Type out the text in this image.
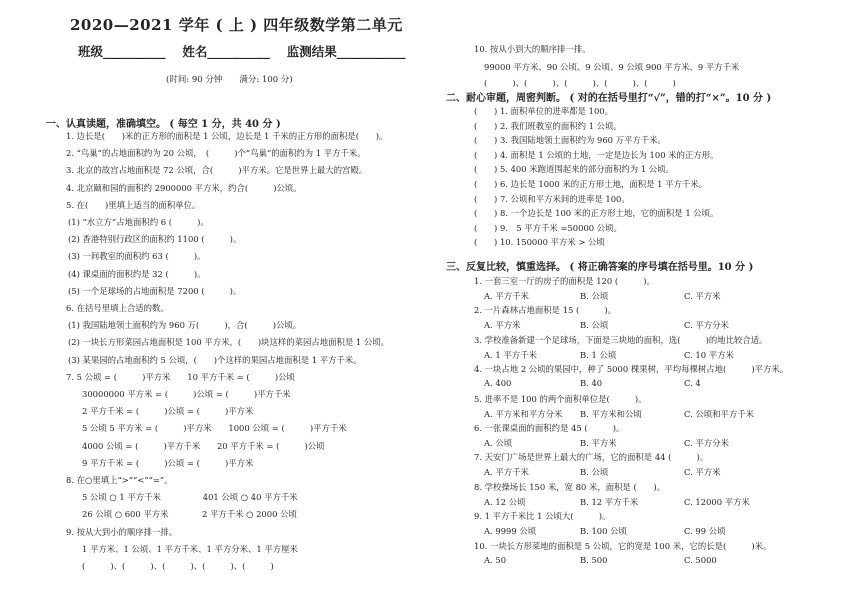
2020—2021 学年 ( 上 ) 四年级数学第二单元
班级__________　 姓名__________　 监测结果___________
(时间: 90 分钟　　满分: 100 分)
一、认真读题，准确填空。 ( 每空 1 分，共 40 分 )
二、耐心审题，周密判断。 ( 对的在括号里打“√”，错的打“×”。10 分 )
三、反复比较，慎重选择。 ( 将正确答案的序号填在括号里。10 分 )
1. 边长是(　　)米的正方形的面积是 1 公顷，边长是 1 千米的正方形的面积是(　　)。
2. “鸟巢”的占地面积约为 20 公顷，　(　　　)个“鸟巢”的面积约为 1 平方千米。
3. 北京的故宫占地面积是 72 公顷，合(　　　)平方米。它是世界上最大的宫殿。
4. 北京颐和园的面积约 2900000 平方米，约合(　　　)公顷。
5. 在(　　)里填上适当的面积单位。
(1) “水立方”占地面积约 6 (　　　)。
(2) 香港特别行政区的面积约 1100 (　　　)。
(3) 一间教室的面积约 63 (　　　)。
(4) 课桌面的面积约是 32 (　　　)。
(5) 一个足球场的占地面积是 7200 (　　　)。
6. 在括号里填上合适的数。
(1) 我国陆地领土面积约为 960 万(　　　)，合(　　　)公顷。
(2) 一块长方形菜园占地面积是 100 平方米，(　　)块这样的菜园占地面积是 1 公顷。
(3) 某果园的占地面积约 5 公顷，(　　)个这样的果园占地面积是 1 平方千米。
7. 5 公顷 = (　　　)平方米　　10 平方千米 = (　　　)公顷
30000000 平方米 = (　　　)公顷 = (　　　)平方千米
2 平方千米 = (　　　)公顷 = (　　　)平方米
5 公顷 5 平方米 = (　　　)平方米　　1000 公顷 = (　　　)平方千米
4000 公顷 = (　　　)平方千米　　20 平方千米 = (　　　)公顷
9 平方千米 = (　　　)公顷 = (　　　)平方米
8. 在○里填上“>”“<”“=”。
5 公顷 ○ 1 平方千米　　　　　401 公顷 ○ 40 平方千米
26 公顷 ○ 600 平方米　　　　2 平方千米 ○ 2000 公顷
9. 按从大到小的顺序排一排。
1 平方米、1 公顷、1 平方千米、1 平方分米、1 平方厘米
(　　　)、(　　　)、(　　　)、(　　　)、(　　　)
10. 按从小到大的顺序排一排。
99000 平方米、90 公顷、9 公顷、9 公顷 900 平方米、9 平方千米
(　　　)、(　　　)、(　　　)、(　　　)、(　　　)
(　　) 1. 面积单位的进率都是 100。
(　　) 2. 我们班教室的面积约 1 公顷。
(　　) 3. 我国陆地领土面积约为 960 万平方千米。
(　　) 4. 面积是 1 公顷的土地，一定是边长为 100 米的正方形。
(　　) 5. 400 米跑道围起来的部分面积约为 1 公顷。
(　　) 6. 边长是 1000 米的正方形土地，面积是 1 平方千米。
(　　) 7. 公顷和平方米间的进率是 100。
(　　) 8. 一个边长是 100 米的正方形土地，它的面积是 1 公顷。
(　　) 9.　5 平方千米 =50000 公顷。
(　　) 10. 150000 平方米 > 公顷
1. 一套三室一厅的房子的面积是 120 (　　　)。
A. 平方千米	B. 公顷	C. 平方米
2. 一片森林占地面积是 15 (　　　)。
A. 平方米	B. 公顷	C. 平方分米
3. 学校准备新建一个足球场，下面是三块地的面积，选(　　　)的地比较合适。
A. 1 平方千米	B. 1 公顷	C. 10 平方米
4. 一块占地 2 公顷的果园中，种了 5000 棵果树，平均每棵树占地(　　　)平方米。
A. 400	B. 40	C. 4
5. 进率不是 100 的两个面积单位是(　　　)。
A. 平方米和平方分米 B. 平方米和公顷	C. 公顷和平方千米
6. 一张课桌面的面积约是 45 (　　　)。
A. 公顷	B. 平方米	C. 平方分米
7. 天安门广场是世界上最大的广场，它的面积是 44 (　　　)。
A. 平方千米	B. 公顷	C. 平方米
8. 学校操场长 150 米，宽 80 米，面积是 (　　)。
A. 12 公顷	B. 12 平方千米	C. 12000 平方米
9. 1 平方千米比 1 公顷大(　　　)。
A. 9999 公顷	B. 100 公顷	C. 99 公顷
10. 一块长方形菜地的面积是 5 公顷，它的宽是 100 米，它的长是(　　　)米。
A. 50	B. 500	C. 5000
